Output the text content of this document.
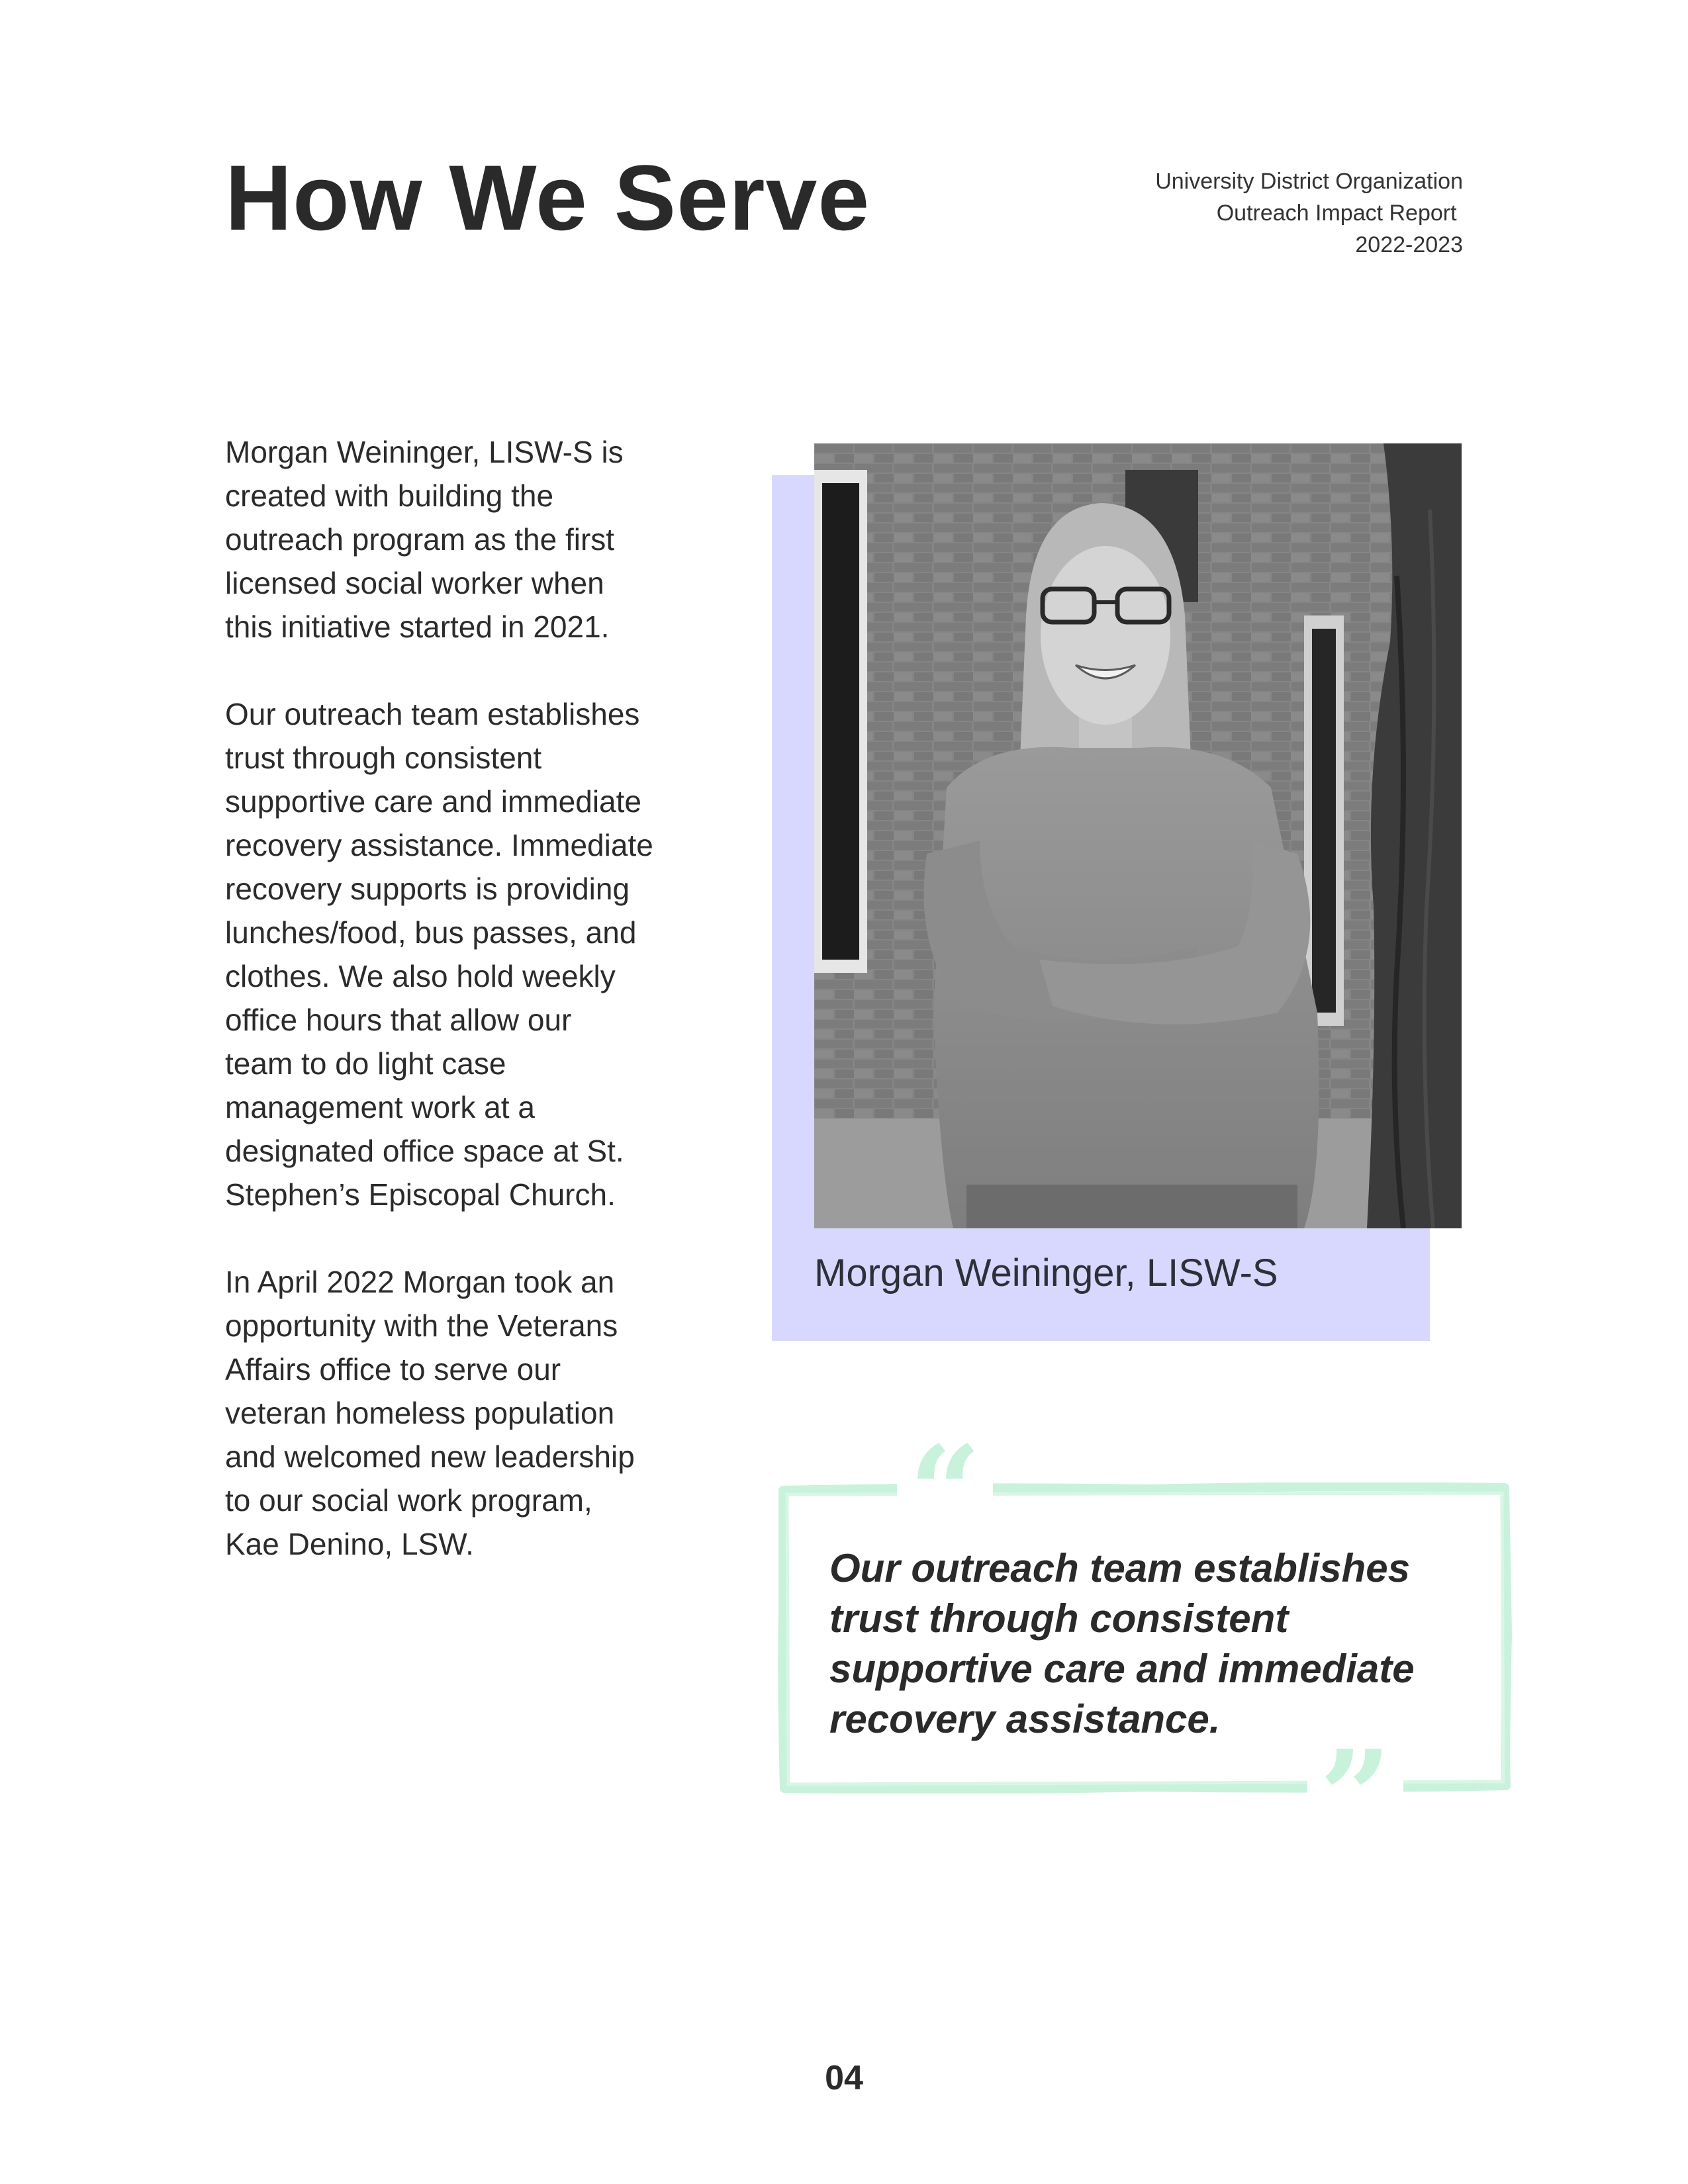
How We Serve	University District Organization
Outreach Impact Report
2022-2023

Morgan Weininger, LISW-S is
created with building the
outreach program as the first
licensed social worker when
this initiative started in 2021.

Our outreach team establishes
trust through consistent
supportive care and immediate
recovery assistance. Immediate
recovery supports is providing
lunches/food, bus passes, and
clothes. We also hold weekly
office hours that allow our
team to do light case
management work at a
designated office space at St.
Stephen’s Episcopal Church.

In April 2022 Morgan took an
opportunity with the Veterans
Affairs office to serve our
veteran homeless population
and welcomed new leadership
to our social work program,
Kae Denino, LSW.

Morgan Weininger, LISW-S
“
”

Our outreach team establishes
trust through consistent
supportive care and immediate
recovery assistance.

04
